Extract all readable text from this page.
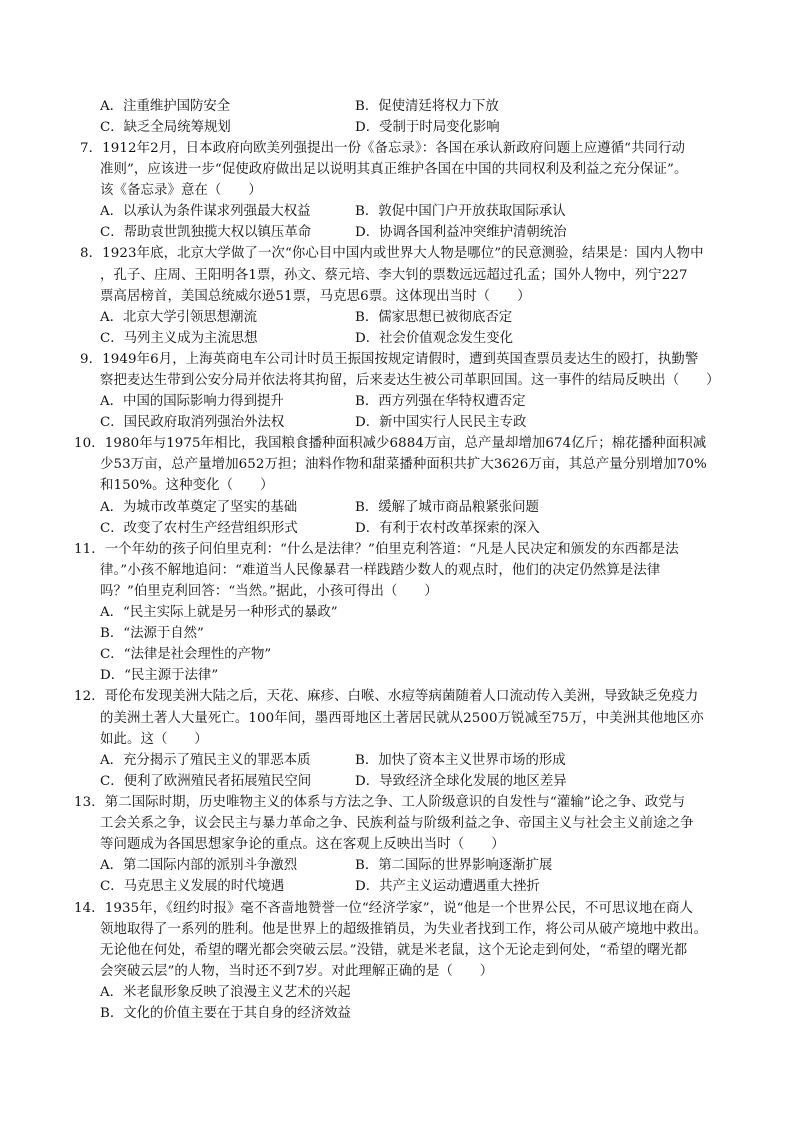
A．注重维护国防安全	B．促使清廷将权力下放
C．缺乏全局统筹规划	D．受制于时局变化影响
7．1912年2月，日本政府向欧美列强提出一份《备忘录》：各国在承认新政府问题上应遵循“共同行动
准则”，应该进一步“促使政府做出足以说明其真正维护各国在中国的共同权利及利益之充分保证”。
该《备忘录》意在（　　）
A．以承认为条件谋求列强最大权益	B．敦促中国门户开放获取国际承认
C．帮助袁世凯独揽大权以镇压革命	D．协调各国利益冲突维护清朝统治
8．1923年底，北京大学做了一次“你心目中国内或世界大人物是哪位”的民意测验，结果是：国内人物中
，孔子、庄周、王阳明各1票，孙文、蔡元培、李大钊的票数远远超过孔孟；国外人物中，列宁227
票高居榜首，美国总统威尔逊51票，马克思6票。这体现出当时（　　）
A．北京大学引领思想潮流	B．儒家思想已被彻底否定
C．马列主义成为主流思想	D．社会价值观念发生变化
9．1949年6月，上海英商电车公司计时员王振国按规定请假时，遭到英国查票员麦达生的殴打，执勤警
察把麦达生带到公安分局并依法将其拘留，后来麦达生被公司革职回国。这一事件的结局反映出（　　）
A．中国的国际影响力得到提升	B．西方列强在华特权遭否定
C．国民政府取消列强治外法权	D．新中国实行人民民主专政
10．1980年与1975年相比，我国粮食播种面积减少6884万亩，总产量却增加674亿斤；棉花播种面积减
少53万亩，总产量增加652万担；油料作物和甜菜播种面积共扩大3626万亩，其总产量分别增加70%
和150%。这种变化（　　）
A．为城市改革奠定了坚实的基础	B．缓解了城市商品粮紧张问题
C．改变了农村生产经营组织形式	D．有利于农村改革探索的深入
11．一个年幼的孩子问伯里克利：“什么是法律？”伯里克利答道：“凡是人民决定和颁发的东西都是法
律。”小孩不解地追问：“难道当人民像暴君一样践踏少数人的观点时，他们的决定仍然算是法律
吗？”伯里克利回答：“当然。”据此，小孩可得出（　　）
A．“民主实际上就是另一种形式的暴政”
B．“法源于自然”
C．“法律是社会理性的产物”
D．“民主源于法律”
12．哥伦布发现美洲大陆之后，天花、麻疹、白喉、水痘等病菌随着人口流动传入美洲，导致缺乏免疫力
的美洲土著人大量死亡。100年间，墨西哥地区土著居民就从2500万锐减至75万，中美洲其他地区亦
如此。这（　　）
A．充分揭示了殖民主义的罪恶本质	B．加快了资本主义世界市场的形成
C．便利了欧洲殖民者拓展殖民空间	D．导致经济全球化发展的地区差异
13．第二国际时期，历史唯物主义的体系与方法之争、工人阶级意识的自发性与“灌输”论之争、政党与
工会关系之争，议会民主与暴力革命之争、民族利益与阶级利益之争、帝国主义与社会主义前途之争
等问题成为各国思想家争论的重点。这在客观上反映出当时（　　）
A．第二国际内部的派别斗争激烈	B．第二国际的世界影响逐渐扩展
C．马克思主义发展的时代境遇	D．共产主义运动遭遇重大挫折
14．1935年，《纽约时报》毫不吝啬地赞誉一位“经济学家”，说“他是一个世界公民，不可思议地在商人
领地取得了一系列的胜利。他是世界上的超级推销员，为失业者找到工作，将公司从破产境地中救出。
无论他在何处，希望的曙光都会突破云层。”没错，就是米老鼠，这个无论走到何处，“希望的曙光都
会突破云层”的人物，当时还不到7岁。对此理解正确的是（　　）
A．米老鼠形象反映了浪漫主义艺术的兴起
B．文化的价值主要在于其自身的经济效益
